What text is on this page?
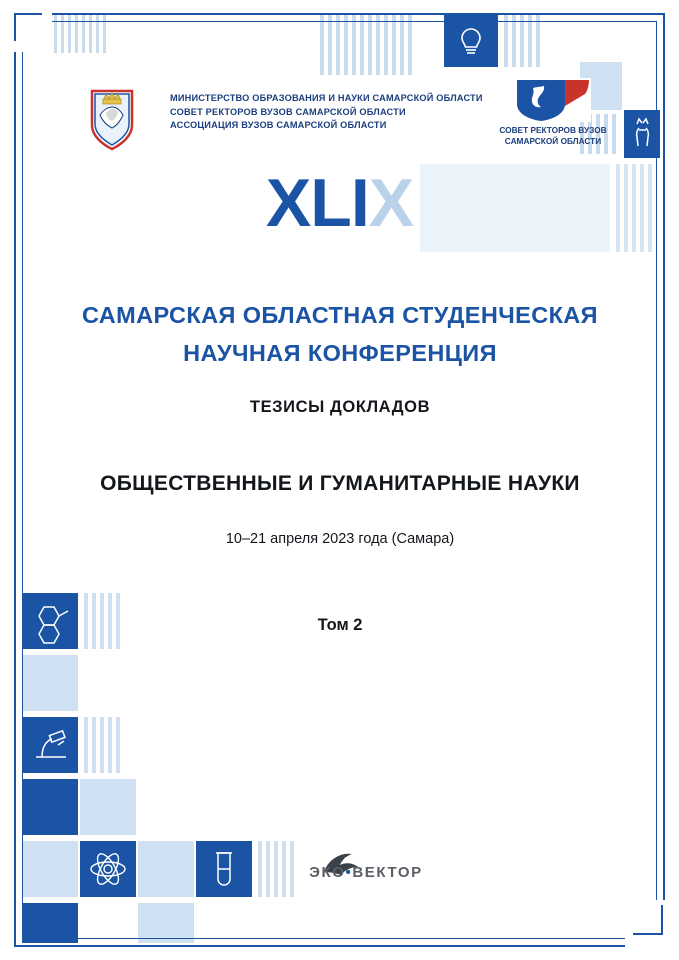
МИНИСТЕРСТВО ОБРАЗОВАНИЯ И НАУКИ САМАРСКОЙ ОБЛАСТИ
СОВЕТ РЕКТОРОВ ВУЗОВ САМАРСКОЙ ОБЛАСТИ
АССОЦИАЦИЯ ВУЗОВ САМАРСКОЙ ОБЛАСТИ	СОВЕТ РЕКТОРОВ ВУЗОВ
САМАРСКОЙ ОБЛАСТИ
XLIX
САМАРСКАЯ ОБЛАСТНАЯ СТУДЕНЧЕСКАЯ
НАУЧНАЯ КОНФЕРЕНЦИЯ
ТЕЗИСЫ ДОКЛАДОВ
ОБЩЕСТВЕННЫЕ И ГУМАНИТАРНЫЕ НАУКИ
10–21 апреля 2023 года (Самара)
Том 2
ЭКО•ВЕКТОР
